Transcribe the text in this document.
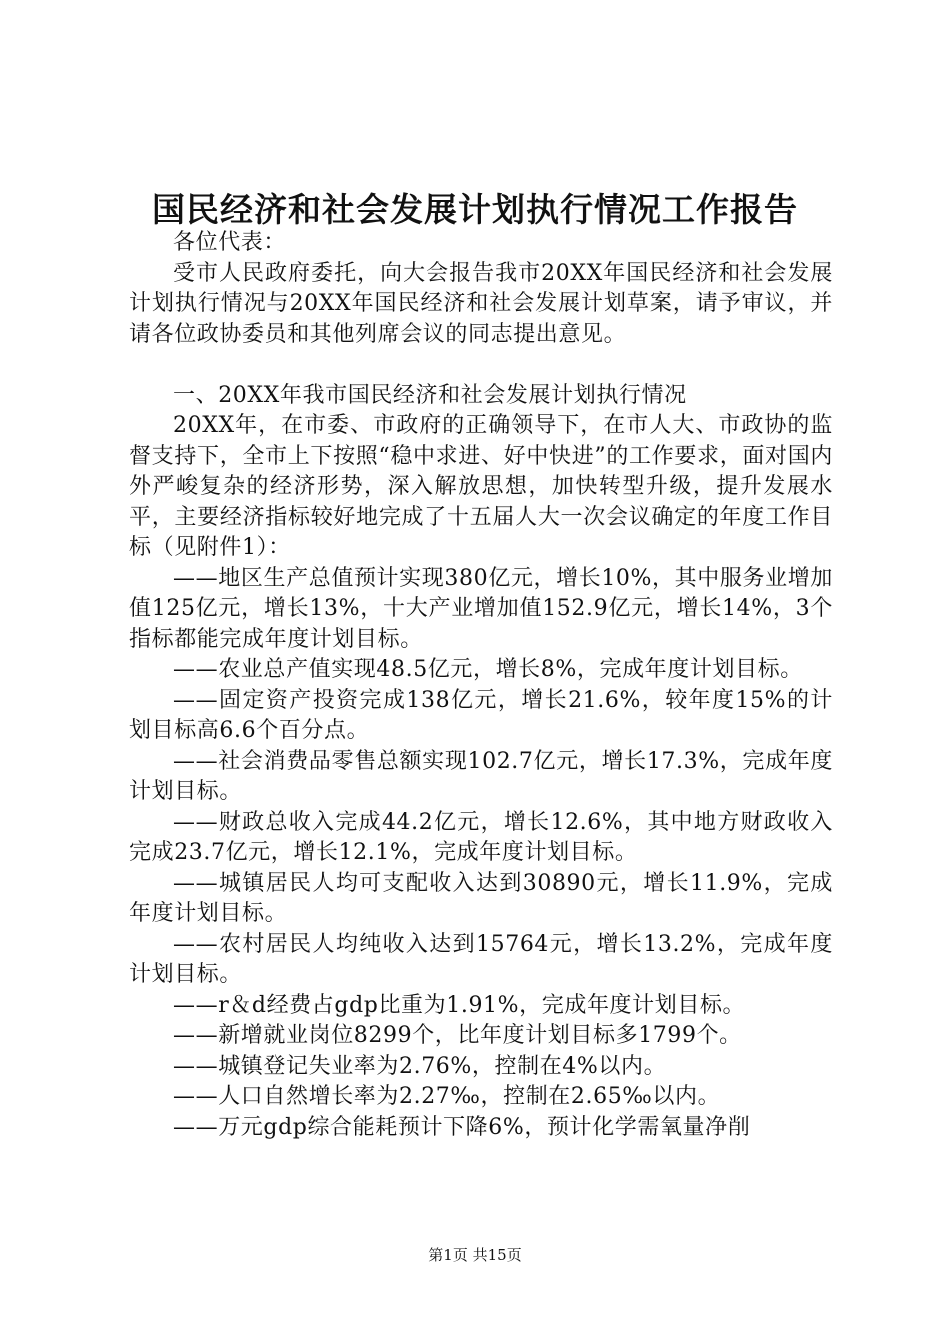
国民经济和社会发展计划执行情况工作报告

各位代表：

受市人民政府委托，向大会报告我市20XX年国民经济和社会发展计划执行情况与20XX年国民经济和社会发展计划草案，请予审议，并请各位政协委员和其他列席会议的同志提出意见。

一、20XX年我市国民经济和社会发展计划执行情况

20XX年，在市委、市政府的正确领导下，在市人大、市政协的监督支持下，全市上下按照“稳中求进、好中快进”的工作要求，面对国内外严峻复杂的经济形势，深入解放思想，加快转型升级，提升发展水平，主要经济指标较好地完成了十五届人大一次会议确定的年度工作目标（见附件1）：

——地区生产总值预计实现380亿元，增长10%，其中服务业增加值125亿元，增长13%，十大产业增加值152.9亿元，增长14%，3个指标都能完成年度计划目标。

——农业总产值实现48.5亿元，增长8%，完成年度计划目标。

——固定资产投资完成138亿元，增长21.6%，较年度15%的计划目标高6.6个百分点。

——社会消费品零售总额实现102.7亿元，增长17.3%，完成年度计划目标。

——财政总收入完成44.2亿元，增长12.6%，其中地方财政收入完成23.7亿元，增长12.1%，完成年度计划目标。

——城镇居民人均可支配收入达到30890元，增长11.9%，完成年度计划目标。

——农村居民人均纯收入达到15764元，增长13.2%，完成年度计划目标。

——r＆d经费占gdp比重为1.91%，完成年度计划目标。

——新增就业岗位8299个，比年度计划目标多1799个。

——城镇登记失业率为2.76%，控制在4%以内。

——人口自然增长率为2.27‰，控制在2.65‰以内。

——万元gdp综合能耗预计下降6%，预计化学需氧量净削

第1页 共15页
